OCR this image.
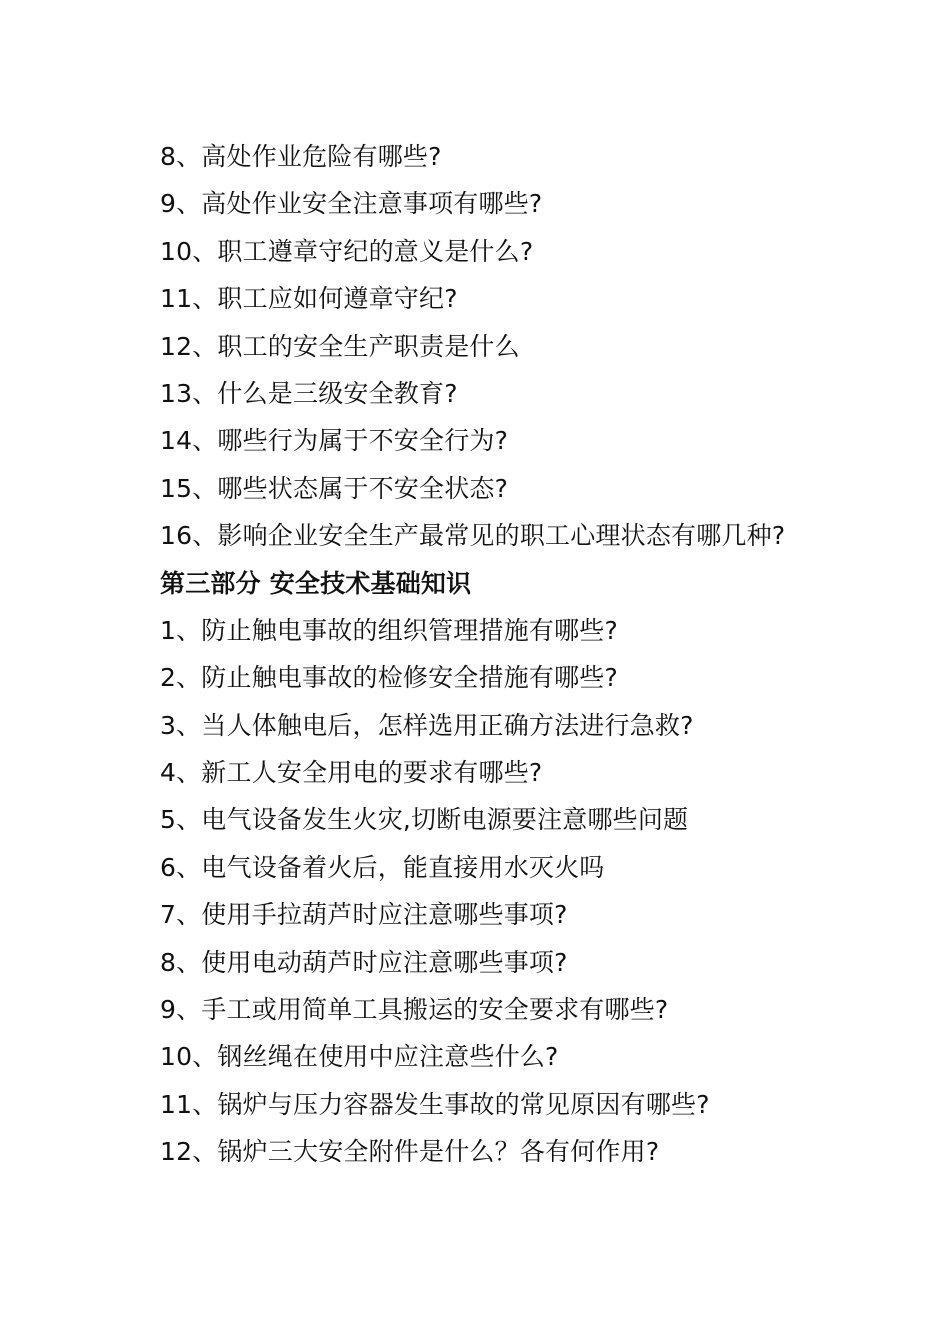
8、高处作业危险有哪些?
9、高处作业安全注意事项有哪些?
10、职工遵章守纪的意义是什么?
11、职工应如何遵章守纪?
12、职工的安全生产职责是什么
13、什么是三级安全教育?
14、哪些行为属于不安全行为?
15、哪些状态属于不安全状态?
16、影响企业安全生产最常见的职工心理状态有哪几种?
第三部分 安全技术基础知识
1、防止触电事故的组织管理措施有哪些?
2、防止触电事故的检修安全措施有哪些?
3、当人体触电后，怎样选用正确方法进行急救?
4、新工人安全用电的要求有哪些?
5、电气设备发生火灾,切断电源要注意哪些问题
6、电气设备着火后，能直接用水灭火吗
7、使用手拉葫芦时应注意哪些事项?
8、使用电动葫芦时应注意哪些事项?
9、手工或用简单工具搬运的安全要求有哪些?
10、钢丝绳在使用中应注意些什么?
11、锅炉与压力容器发生事故的常见原因有哪些?
12、锅炉三大安全附件是什么？各有何作用?
